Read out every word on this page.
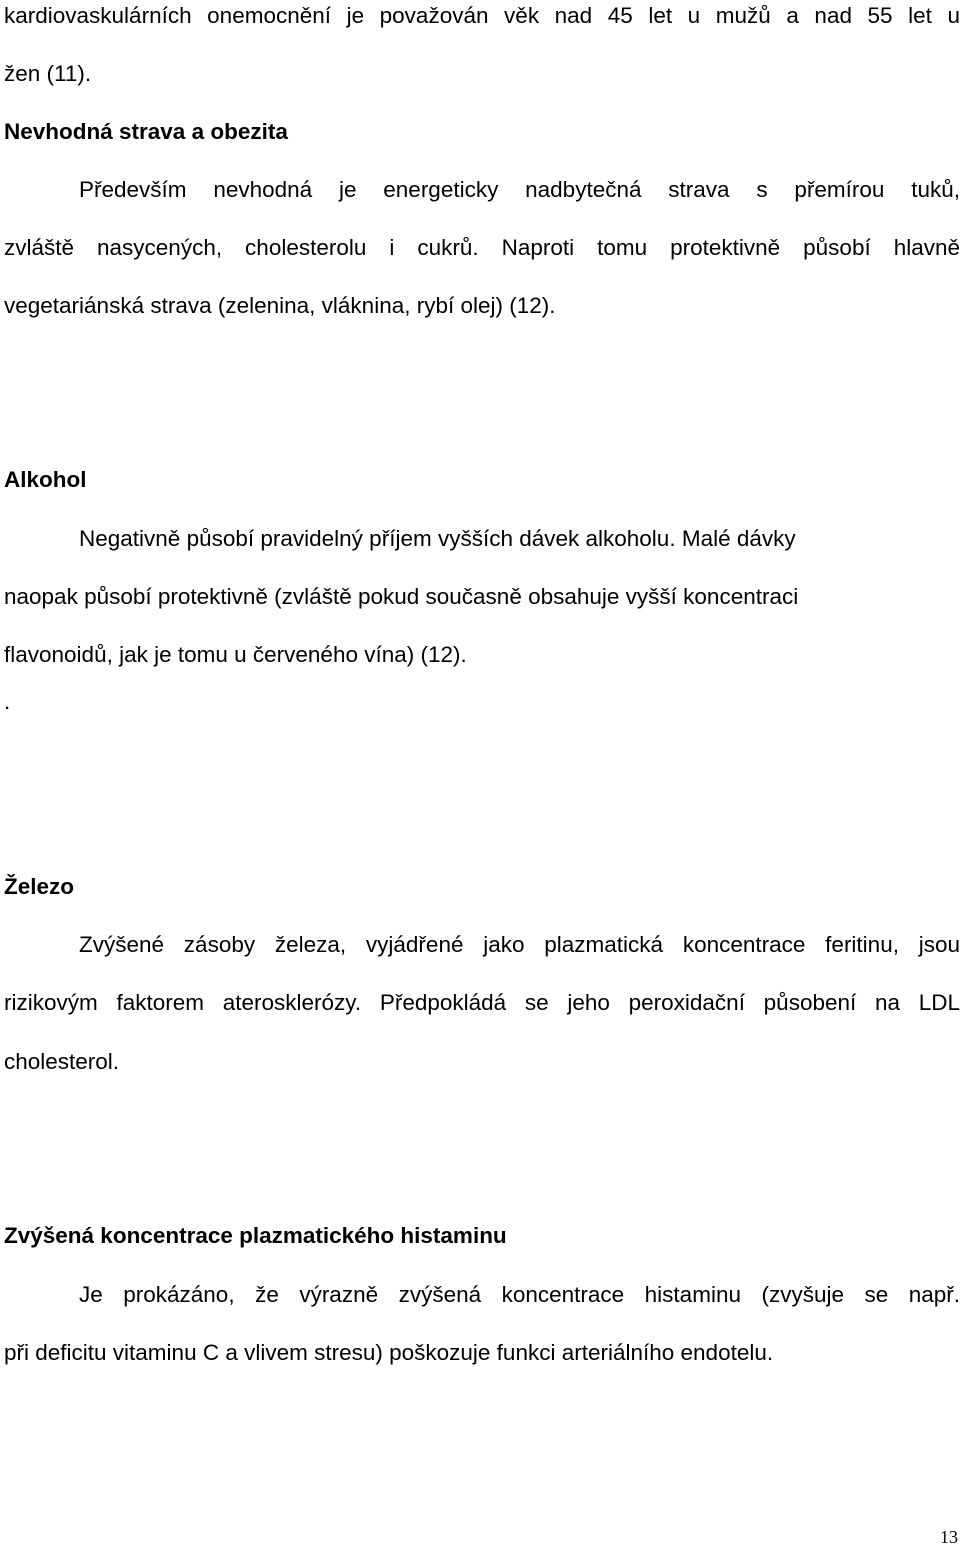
kardiovaskulárních onemocnění je považován věk nad 45 let u mužů a nad 55 let u
žen (11).
Nevhodná strava a obezita
Především nevhodná je energeticky nadbytečná strava s přemírou tuků,
zvláště nasycených, cholesterolu i cukrů. Naproti tomu protektivně působí hlavně
vegetariánská strava (zelenina, vláknina, rybí olej) (12).
Alkohol
Negativně působí pravidelný příjem vyšších dávek alkoholu. Malé dávky
naopak působí protektivně (zvláště pokud současně obsahuje vyšší koncentraci
flavonoidů, jak je tomu u červeného vína) (12).
.
Železo
Zvýšené zásoby železa, vyjádřené jako plazmatická koncentrace feritinu, jsou
rizikovým faktorem aterosklerózy. Předpokládá se jeho peroxidační působení na LDL
cholesterol.
Zvýšená koncentrace plazmatického histaminu
Je prokázáno, že výrazně zvýšená koncentrace histaminu (zvyšuje se např.
při deficitu vitaminu C a vlivem stresu) poškozuje funkci arteriálního endotelu.
13
